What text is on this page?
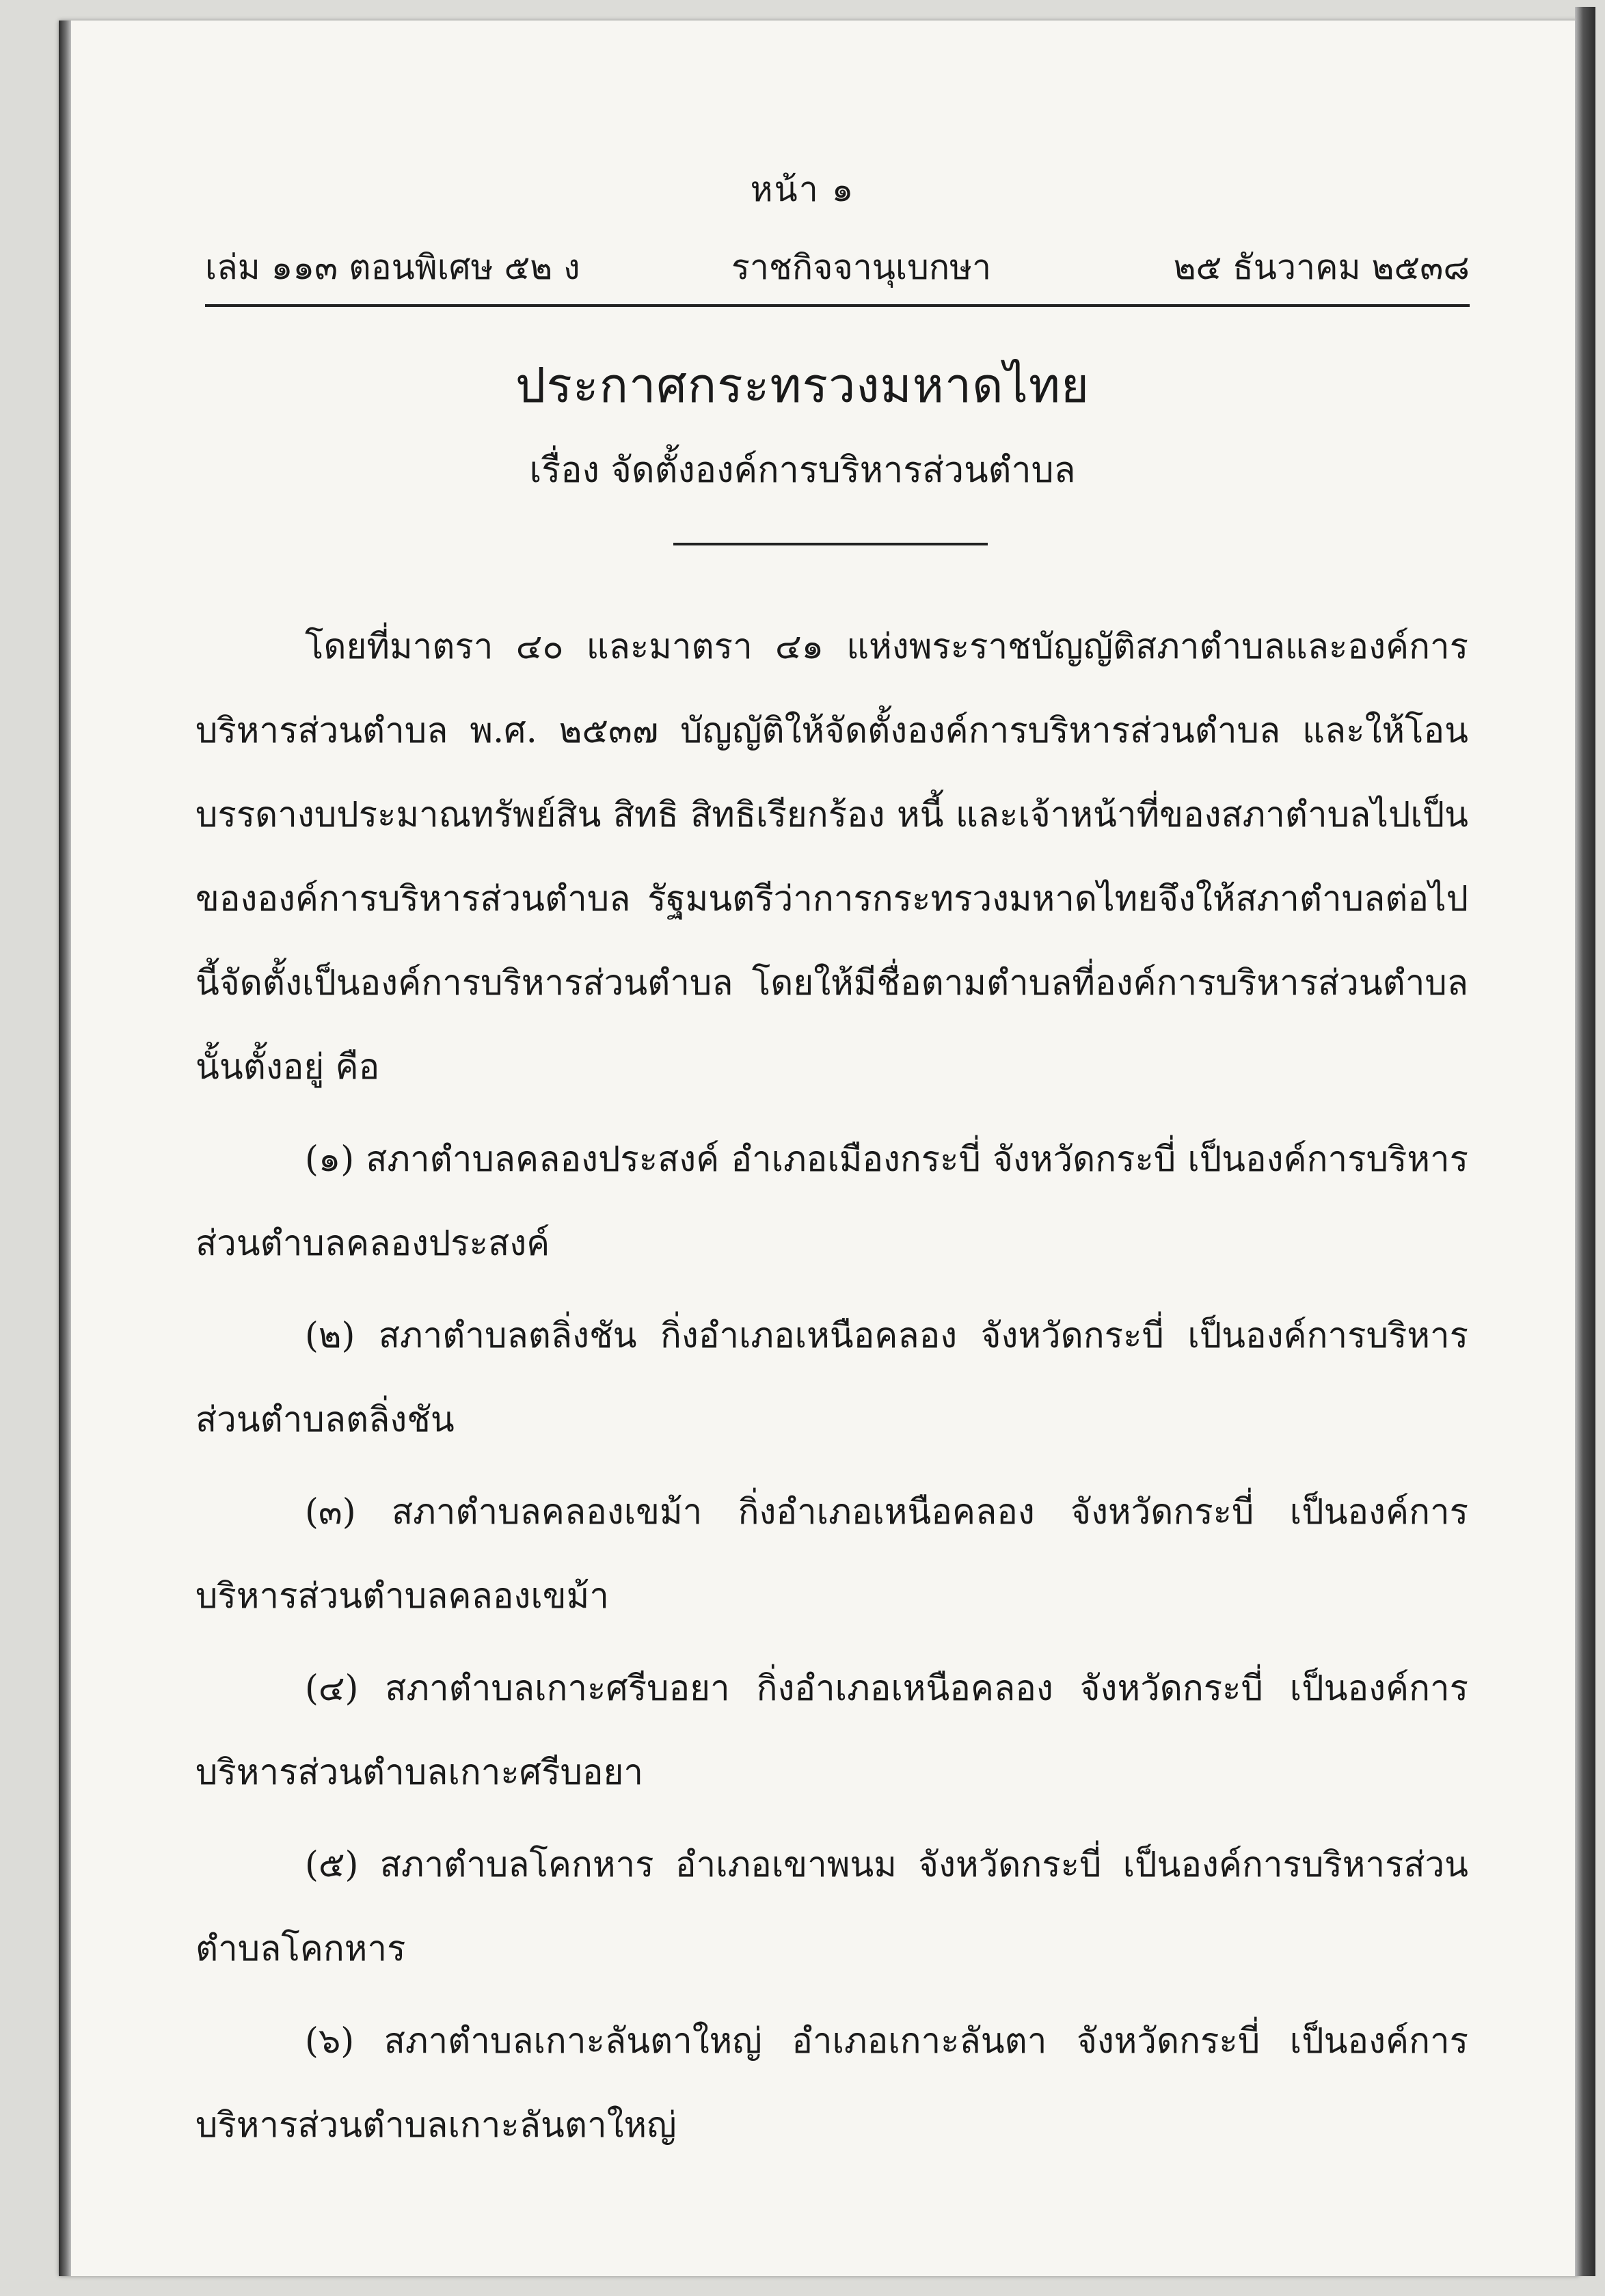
หน้า ๑
เล่ม ๑๑๓ ตอนพิเศษ ๕๒ ง	ราชกิจจานุเบกษา	๒๕ ธันวาคม ๒๕๓๘
ประกาศกระทรวงมหาดไทย
เรื่อง จัดตั้งองค์การบริหารส่วนตำบล

โดยที่มาตรา ๔๐ และมาตรา ๔๑ แห่งพระราชบัญญัติสภาตำบลและองค์การบริหารส่วนตำบล พ.ศ. ๒๕๓๗ บัญญัติให้จัดตั้งองค์การบริหารส่วนตำบล และให้โอนบรรดางบประมาณทรัพย์สิน สิทธิ สิทธิเรียกร้อง หนี้ และเจ้าหน้าที่ของสภาตำบลไปเป็นขององค์การบริหารส่วนตำบล รัฐมนตรีว่าการกระทรวงมหาดไทยจึงให้สภาตำบลต่อไปนี้จัดตั้งเป็นองค์การบริหารส่วนตำบล โดยให้มีชื่อตามตำบลที่องค์การบริหารส่วนตำบลนั้นตั้งอยู่ คือ

(๑) สภาตำบลคลองประสงค์ อำเภอเมืองกระบี่ จังหวัดกระบี่ เป็นองค์การบริหารส่วนตำบลคลองประสงค์

(๒) สภาตำบลตลิ่งชัน กิ่งอำเภอเหนือคลอง จังหวัดกระบี่ เป็นองค์การบริหารส่วนตำบลตลิ่งชัน

(๓) สภาตำบลคลองเขม้า กิ่งอำเภอเหนือคลอง จังหวัดกระบี่ เป็นองค์การบริหารส่วนตำบลคลองเขม้า

(๔) สภาตำบลเกาะศรีบอยา กิ่งอำเภอเหนือคลอง จังหวัดกระบี่ เป็นองค์การบริหารส่วนตำบลเกาะศรีบอยา

(๕) สภาตำบลโคกหาร อำเภอเขาพนม จังหวัดกระบี่ เป็นองค์การบริหารส่วนตำบลโคกหาร

(๖) สภาตำบลเกาะลันตาใหญ่ อำเภอเกาะลันตา จังหวัดกระบี่ เป็นองค์การบริหารส่วนตำบลเกาะลันตาใหญ่
